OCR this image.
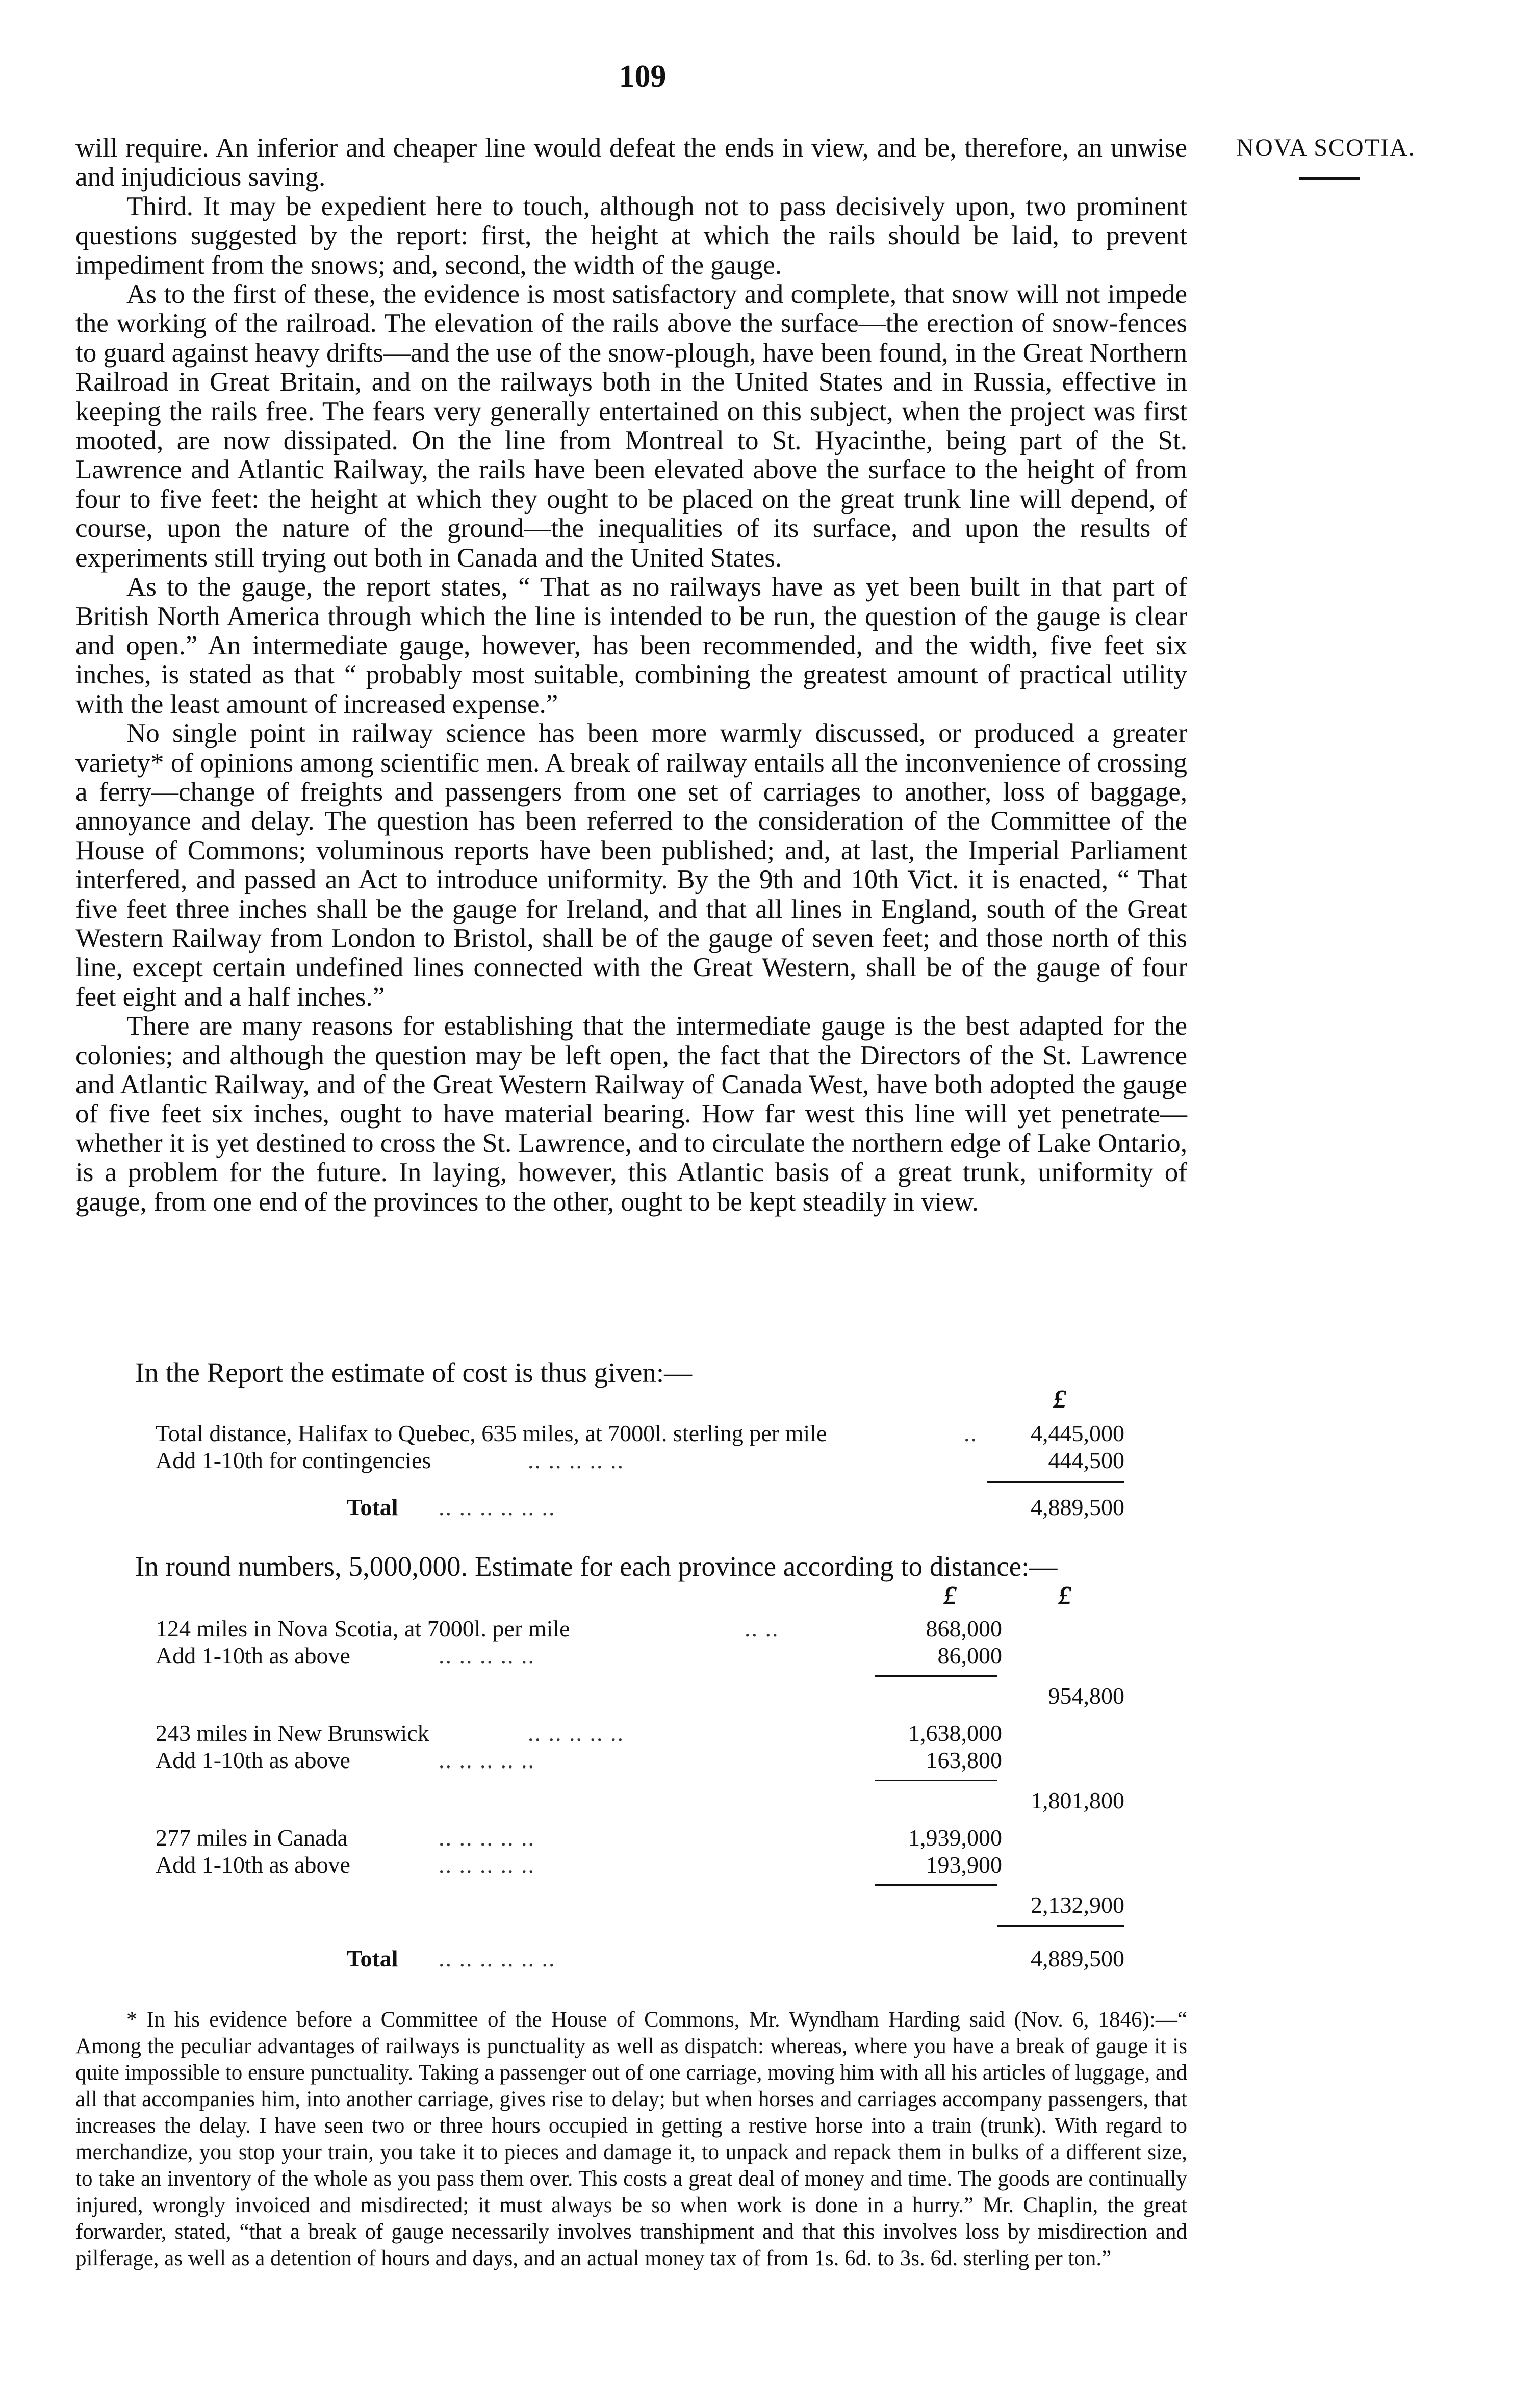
109
NOVA SCOTIA.

will require. An inferior and cheaper line would defeat the ends in view, and be, therefore, an unwise and injudicious saving.

Third. It may be expedient here to touch, although not to pass decisively upon, two prominent questions suggested by the report: first, the height at which the rails should be laid, to prevent impediment from the snows; and, second, the width of the gauge.

As to the first of these, the evidence is most satisfactory and complete, that snow will not impede the working of the railroad. The elevation of the rails above the surface—the erection of snow-fences to guard against heavy drifts—and the use of the snow-plough, have been found, in the Great Northern Railroad in Great Britain, and on the railways both in the United States and in Russia, effective in keeping the rails free. The fears very generally entertained on this subject, when the project was first mooted, are now dissipated. On the line from Montreal to St. Hyacinthe, being part of the St. Lawrence and Atlantic Railway, the rails have been elevated above the surface to the height of from four to five feet: the height at which they ought to be placed on the great trunk line will depend, of course, upon the nature of the ground—the inequalities of its surface, and upon the results of experiments still trying out both in Canada and the United States.

As to the gauge, the report states, “ That as no railways have as yet been built in that part of British North America through which the line is intended to be run, the question of the gauge is clear and open.” An intermediate gauge, however, has been recommended, and the width, five feet six inches, is stated as that “ probably most suitable, combining the greatest amount of practical utility with the least amount of increased expense.”

No single point in railway science has been more warmly discussed, or produced a greater variety* of opinions among scientific men. A break of railway entails all the inconvenience of crossing a ferry—change of freights and passengers from one set of carriages to another, loss of baggage, annoyance and delay. The question has been referred to the consideration of the Committee of the House of Commons; voluminous reports have been published; and, at last, the Imperial Parliament interfered, and passed an Act to introduce uniformity. By the 9th and 10th Vict. it is enacted, “ That five feet three inches shall be the gauge for Ireland, and that all lines in England, south of the Great Western Railway from London to Bristol, shall be of the gauge of seven feet; and those north of this line, except certain undefined lines connected with the Great Western, shall be of the gauge of four feet eight and a half inches.”

There are many reasons for establishing that the intermediate gauge is the best adapted for the colonies; and although the question may be left open, the fact that the Directors of the St. Lawrence and Atlantic Railway, and of the Great Western Railway of Canada West, have both adopted the gauge of five feet six inches, ought to have material bearing. How far west this line will yet penetrate—whether it is yet destined to cross the St. Lawrence, and to circulate the northern edge of Lake Ontario, is a problem for the future. In laying, however, this Atlantic basis of a great trunk, uniformity of gauge, from one end of the provinces to the other, ought to be kept steadily in view.

In the Report the estimate of cost is thus given:—
£
Total distance, Halifax to Quebec, 635 miles, at 7000l. sterling per mile	.. 4,445,000
Add 1-10th for contingencies	.. .. .. .. ..	444,500
Total .. .. .. .. .. ..	4,889,500
In round numbers, 5,000,000. Estimate for each province according to distance:—
£	£
124 miles in Nova Scotia, at 7000l. per mile	.. ..	868,000
Add 1-10th as above	.. .. .. .. ..	86,000
954,800
243 miles in New Brunswick	.. .. .. .. ..	1,638,000
Add 1-10th as above	.. .. .. .. ..	163,800
1,801,800
277 miles in Canada	.. .. .. .. ..	1,939,000
Add 1-10th as above	.. .. .. .. ..	193,900
2,132,900
Total .. .. .. .. .. ..	4,889,500

* In his evidence before a Committee of the House of Commons, Mr. Wyndham Harding said (Nov. 6, 1846):—“ Among the peculiar advantages of railways is punctuality as well as dispatch: whereas, where you have a break of gauge it is quite impossible to ensure punctuality. Taking a passenger out of one carriage, moving him with all his articles of luggage, and all that accompanies him, into another carriage, gives rise to delay; but when horses and carriages accompany passengers, that increases the delay. I have seen two or three hours occupied in getting a restive horse into a train (trunk). With regard to merchandize, you stop your train, you take it to pieces and damage it, to unpack and repack them in bulks of a different size, to take an inventory of the whole as you pass them over. This costs a great deal of money and time. The goods are continually injured, wrongly invoiced and misdirected; it must always be so when work is done in a hurry.” Mr. Chaplin, the great forwarder, stated, “that a break of gauge necessarily involves transhipment and that this involves loss by misdirection and pilferage, as well as a detention of hours and days, and an actual money tax of from 1s. 6d. to 3s. 6d. sterling per ton.”
